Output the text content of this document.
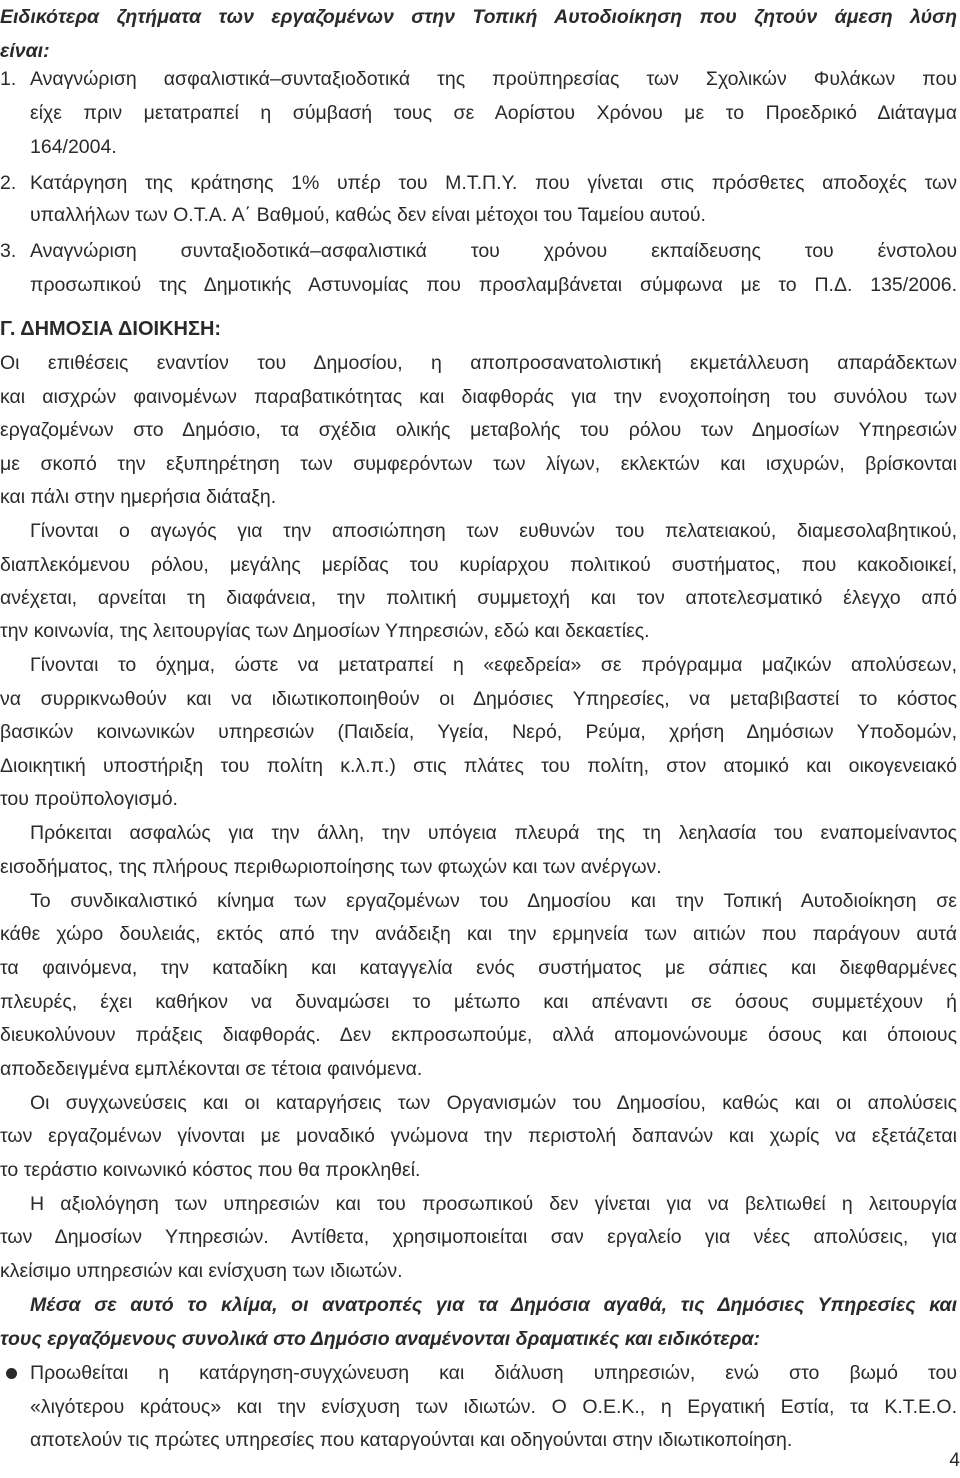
Ειδικότερα ζητήματα των εργαζομένων στην Τοπική Αυτοδιοίκηση που ζητούν άμεση λύση
είναι:
1. Αναγνώριση ασφαλιστικά–συνταξιοδοτικά της προϋπηρεσίας των Σχολικών Φυλάκων που
είχε πριν μετατραπεί η σύμβασή τους σε Αορίστου Χρόνου με το Προεδρικό Διάταγμα
164/2004.
2. Κατάργηση της κράτησης 1% υπέρ του Μ.Τ.Π.Υ. που γίνεται στις πρόσθετες αποδοχές των
υπαλλήλων των Ο.Τ.Α. Α΄ Βαθμού, καθώς δεν είναι μέτοχοι του Ταμείου αυτού.
3. Αναγνώριση συνταξιοδοτικά–ασφαλιστικά του χρόνου εκπαίδευσης του ένστολου
προσωπικού της Δημοτικής Αστυνομίας που προσλαμβάνεται σύμφωνα με το Π.Δ. 135/2006.
Γ. ΔΗΜΟΣΙΑ ΔΙΟΙΚΗΣΗ:
Οι επιθέσεις εναντίον του Δημοσίου, η αποπροσανατολιστική εκμετάλλευση απαράδεκτων
και αισχρών φαινομένων παραβατικότητας και διαφθοράς για την ενοχοποίηση του συνόλου των
εργαζομένων στο Δημόσιο, τα σχέδια ολικής μεταβολής του ρόλου των Δημοσίων Υπηρεσιών
με σκοπό την εξυπηρέτηση των συμφερόντων των λίγων, εκλεκτών και ισχυρών, βρίσκονται
και πάλι στην ημερήσια διάταξη.
Γίνονται ο αγωγός για την αποσιώπηση των ευθυνών του πελατειακού, διαμεσολαβητικού,
διαπλεκόμενου ρόλου, μεγάλης μερίδας του κυρίαρχου πολιτικού συστήματος, που κακοδιοικεί,
ανέχεται, αρνείται τη διαφάνεια, την πολιτική συμμετοχή και τον αποτελεσματικό έλεγχο από
την κοινωνία, της λειτουργίας των Δημοσίων Υπηρεσιών, εδώ και δεκαετίες.
Γίνονται το όχημα, ώστε να μετατραπεί η «εφεδρεία» σε πρόγραμμα μαζικών απολύσεων,
να συρρικνωθούν και να ιδιωτικοποιηθούν οι Δημόσιες Υπηρεσίες, να μεταβιβαστεί το κόστος
βασικών κοινωνικών υπηρεσιών (Παιδεία, Υγεία, Νερό, Ρεύμα, χρήση Δημόσιων Υποδομών,
Διοικητική υποστήριξη του πολίτη κ.λ.π.) στις πλάτες του πολίτη, στον ατομικό και οικογενειακό
του προϋπολογισμό.
Πρόκειται ασφαλώς για την άλλη, την υπόγεια πλευρά της τη λεηλασία του εναπομείναντος
εισοδήματος, της πλήρους περιθωριοποίησης των φτωχών και των ανέργων.
Το συνδικαλιστικό κίνημα των εργαζομένων του Δημοσίου και την Τοπική Αυτοδιοίκηση σε
κάθε χώρο δουλειάς, εκτός από την ανάδειξη και την ερμηνεία των αιτιών που παράγουν αυτά
τα φαινόμενα, την καταδίκη και καταγγελία ενός συστήματος με σάπιες και διεφθαρμένες
πλευρές, έχει καθήκον να δυναμώσει το μέτωπο και απέναντι σε όσους συμμετέχουν ή
διευκολύνουν πράξεις διαφθοράς. Δεν εκπροσωπούμε, αλλά απομονώνουμε όσους και όποιους
αποδεδειγμένα εμπλέκονται σε τέτοια φαινόμενα.
Οι συγχωνεύσεις και οι καταργήσεις των Οργανισμών του Δημοσίου, καθώς και οι απολύσεις
των εργαζομένων γίνονται με μοναδικό γνώμονα την περιστολή δαπανών και χωρίς να εξετάζεται
το τεράστιο κοινωνικό κόστος που θα προκληθεί.
Η αξιολόγηση των υπηρεσιών και του προσωπικού δεν γίνεται για να βελτιωθεί η λειτουργία
των Δημοσίων Υπηρεσιών. Αντίθετα, χρησιμοποιείται σαν εργαλείο για νέες απολύσεις, για
κλείσιμο υπηρεσιών και ενίσχυση των ιδιωτών.
Μέσα σε αυτό το κλίμα, οι ανατροπές για τα Δημόσια αγαθά, τις Δημόσιες Υπηρεσίες και
τους εργαζόμενους συνολικά στο Δημόσιο αναμένονται δραματικές και ειδικότερα:
Προωθείται η κατάργηση-συγχώνευση και διάλυση υπηρεσιών, ενώ στο βωμό του
«λιγότερου κράτους» και την ενίσχυση των ιδιωτών. Ο Ο.Ε.Κ., η Εργατική Εστία, τα Κ.Τ.Ε.Ο.
αποτελούν τις πρώτες υπηρεσίες που καταργούνται και οδηγούνται στην ιδιωτικοποίηση.
4
